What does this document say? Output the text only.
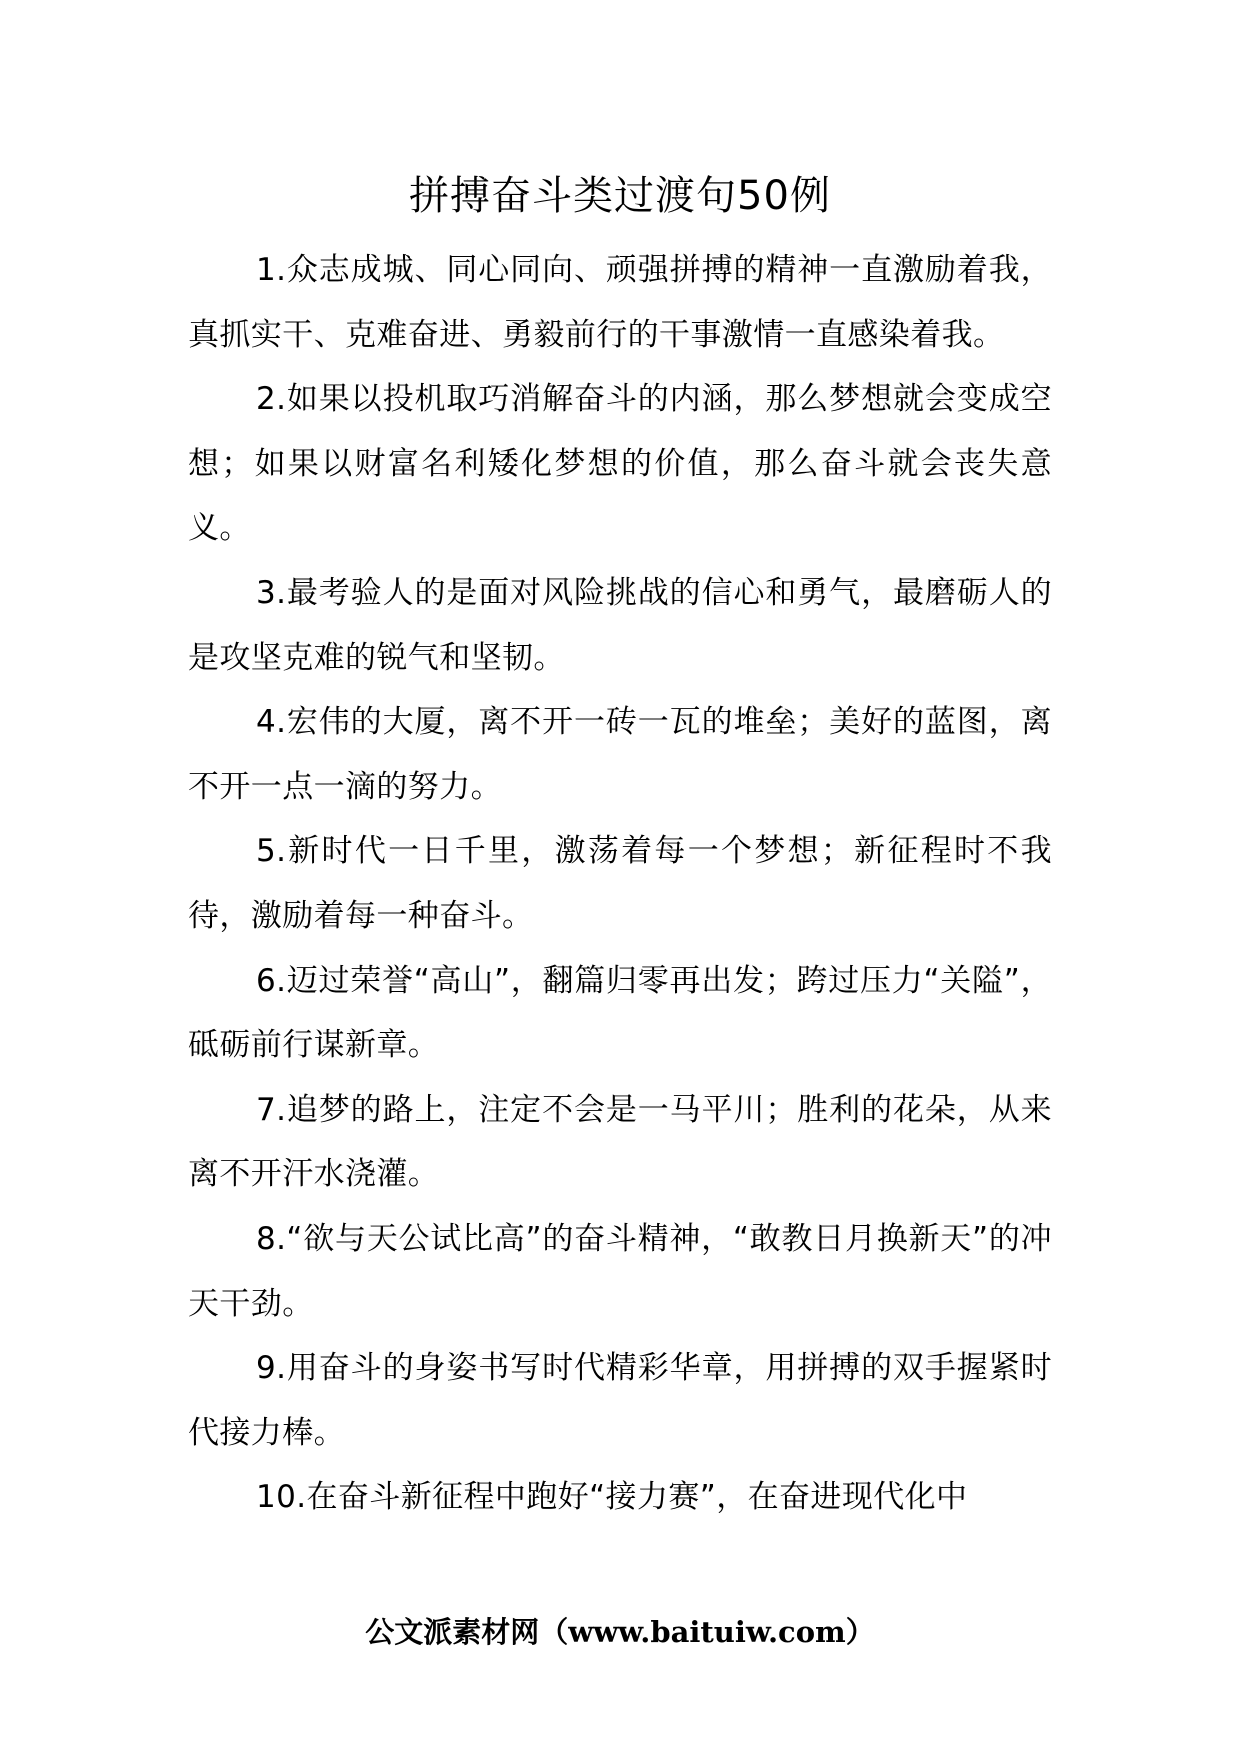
拼搏奋斗类过渡句50例

1.众志成城、同心同向、顽强拼搏的精神一直激励着我，真抓实干、克难奋进、勇毅前行的干事激情一直感染着我。

2.如果以投机取巧消解奋斗的内涵，那么梦想就会变成空想；如果以财富名利矮化梦想的价值，那么奋斗就会丧失意义。

3.最考验人的是面对风险挑战的信心和勇气，最磨砺人的是攻坚克难的锐气和坚韧。

4.宏伟的大厦，离不开一砖一瓦的堆垒；美好的蓝图，离不开一点一滴的努力。

5.新时代一日千里，激荡着每一个梦想；新征程时不我待，激励着每一种奋斗。

6.迈过荣誉“高山”，翻篇归零再出发；跨过压力“关隘”，砥砺前行谋新章。

7.追梦的路上，注定不会是一马平川；胜利的花朵，从来离不开汗水浇灌。

8.“欲与天公试比高”的奋斗精神，“敢教日月换新天”的冲天干劲。

9.用奋斗的身姿书写时代精彩华章，用拼搏的双手握紧时代接力棒。

10.在奋斗新征程中跑好“接力赛”，在奋进现代化中

公文派素材网（www.baituiw.com）
